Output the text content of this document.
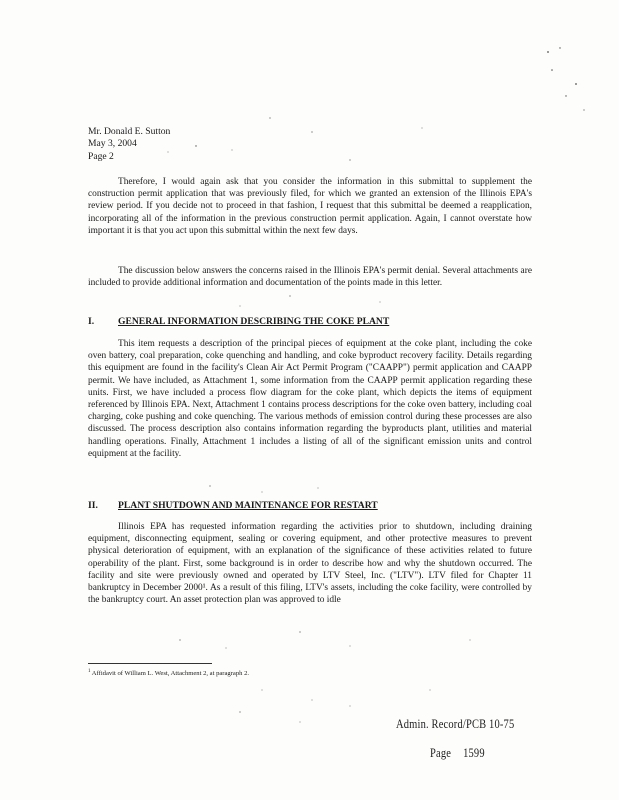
Mr. Donald E. Sutton
May 3, 2004
Page 2

Therefore, I would again ask that you consider the information in this submittal to supplement the construction permit application that was previously filed, for which we granted an extension of the Illinois EPA's review period. If you decide not to proceed in that fashion, I request that this submittal be deemed a reapplication, incorporating all of the information in the previous construction permit application. Again, I cannot overstate how important it is that you act upon this submittal within the next few days.

The discussion below answers the concerns raised in the Illinois EPA's permit denial. Several attachments are included to provide additional information and documentation of the points made in this letter.

I. GENERAL INFORMATION DESCRIBING THE COKE PLANT

This item requests a description of the principal pieces of equipment at the coke plant, including the coke oven battery, coal preparation, coke quenching and handling, and coke byproduct recovery facility. Details regarding this equipment are found in the facility's Clean Air Act Permit Program ("CAAPP") permit application and CAAPP permit. We have included, as Attachment 1, some information from the CAAPP permit application regarding these units. First, we have included a process flow diagram for the coke plant, which depicts the items of equipment referenced by Illinois EPA. Next, Attachment 1 contains process descriptions for the coke oven battery, including coal charging, coke pushing and coke quenching. The various methods of emission control during these processes are also discussed. The process description also contains information regarding the byproducts plant, utilities and material handling operations. Finally, Attachment 1 includes a listing of all of the significant emission units and control equipment at the facility.

II. PLANT SHUTDOWN AND MAINTENANCE FOR RESTART

Illinois EPA has requested information regarding the activities prior to shutdown, including draining equipment, disconnecting equipment, sealing or covering equipment, and other protective measures to prevent physical deterioration of equipment, with an explanation of the significance of these activities related to future operability of the plant. First, some background is in order to describe how and why the shutdown occurred. The facility and site were previously owned and operated by LTV Steel, Inc. ("LTV"). LTV filed for Chapter 11 bankruptcy in December 2000¹. As a result of this filing, LTV's assets, including the coke facility, were controlled by the bankruptcy court. An asset protection plan was approved to idle

$^1$ Affidavit of William L. West, Attachment 2, at paragraph 2.
Admin. Record/PCB 10-75
Page 1599
